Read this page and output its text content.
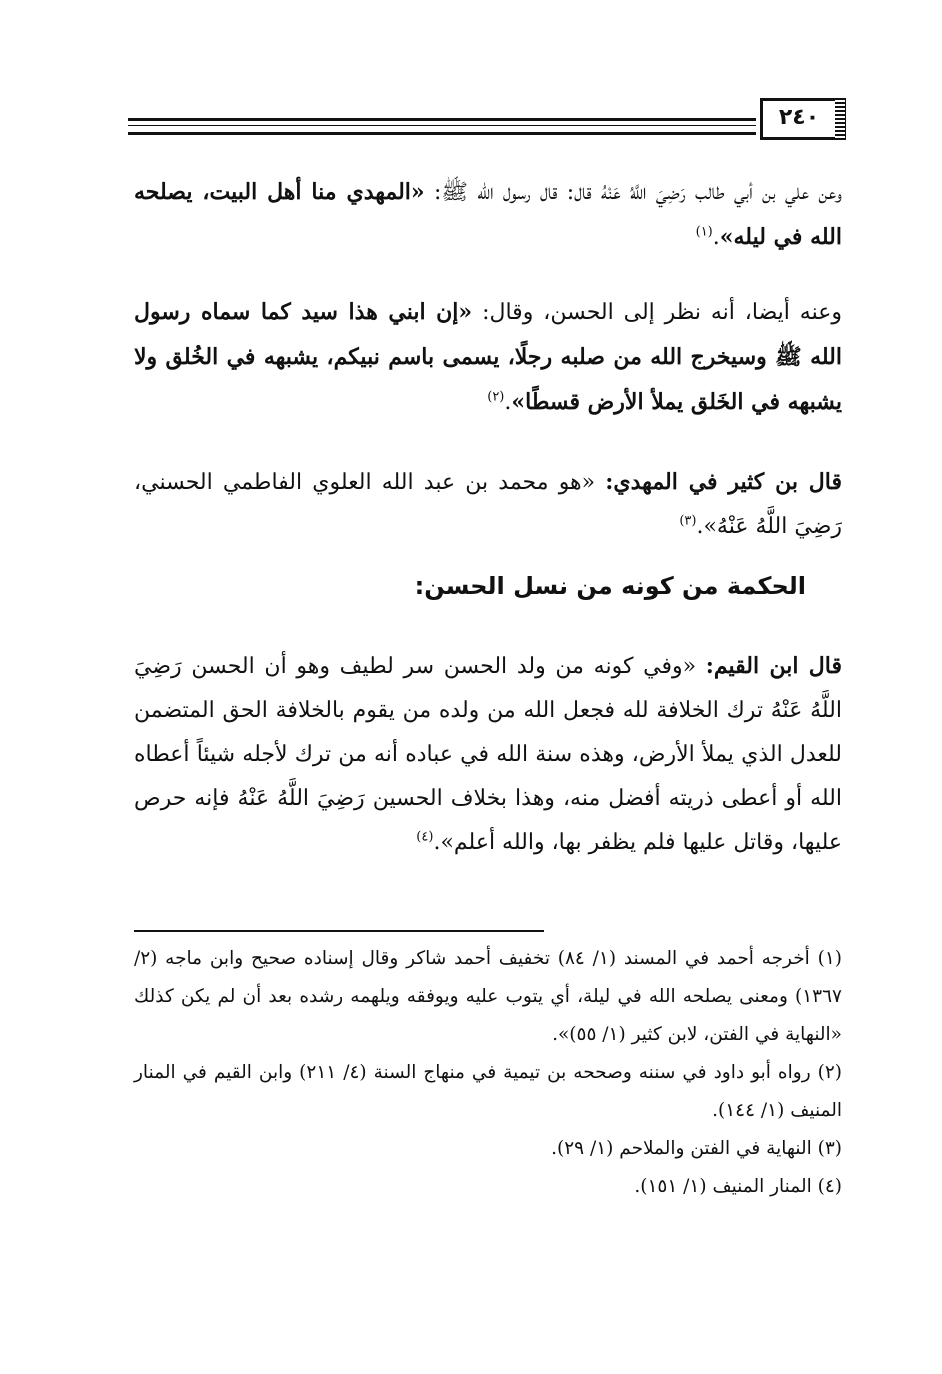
٢٤٠

وعن علي بن أبي طالب رَضِيَ اللَّهُ عَنْهُ قال: قال رسول الله ﷺ: «المهدي منا أهل البيت، يصلحه الله في ليله».$^{(١)}$

وعنه أيضا، أنه نظر إلى الحسن، وقال: «إن ابني هذا سيد كما سماه رسول الله ﷺ وسيخرج الله من صلبه رجلًا، يسمى باسم نبيكم، يشبهه في الخُلق ولا يشبهه في الخَلق يملأ الأرض قسطًا».$^{(٢)}$

قال بن كثير في المهدي: «هو محمد بن عبد الله العلوي الفاطمي الحسني، رَضِيَ اللَّهُ عَنْهُ».$^{(٣)}$

الحكمة من كونه من نسل الحسن:

قال ابن القيم: «وفي كونه من ولد الحسن سر لطيف وهو أن الحسن رَضِيَ اللَّهُ عَنْهُ ترك الخلافة لله فجعل الله من ولده من يقوم بالخلافة الحق المتضمن للعدل الذي يملأ الأرض، وهذه سنة الله في عباده أنه من ترك لأجله شيئاً أعطاه الله أو أعطى ذريته أفضل منه، وهذا بخلاف الحسين رَضِيَ اللَّهُ عَنْهُ فإنه حرص عليها، وقاتل عليها فلم يظفر بها، والله أعلم».$^{(٤)}$

(١) أخرجه أحمد في المسند (١/ ٨٤) تخفيف أحمد شاكر وقال إسناده صحيح وابن ماجه (٢/ ١٣٦٧) ومعنى يصلحه الله في ليلة، أي يتوب عليه ويوفقه ويلهمه رشده بعد أن لم يكن كذلك «النهاية في الفتن، لابن كثير (١/ ٥٥)».

(٢) رواه أبو داود في سننه وصححه بن تيمية في منهاج السنة (٤/ ٢١١) وابن القيم في المنار المنيف (١/ ١٤٤).

(٣) النهاية في الفتن والملاحم (١/ ٢٩).

(٤) المنار المنيف (١/ ١٥١).
